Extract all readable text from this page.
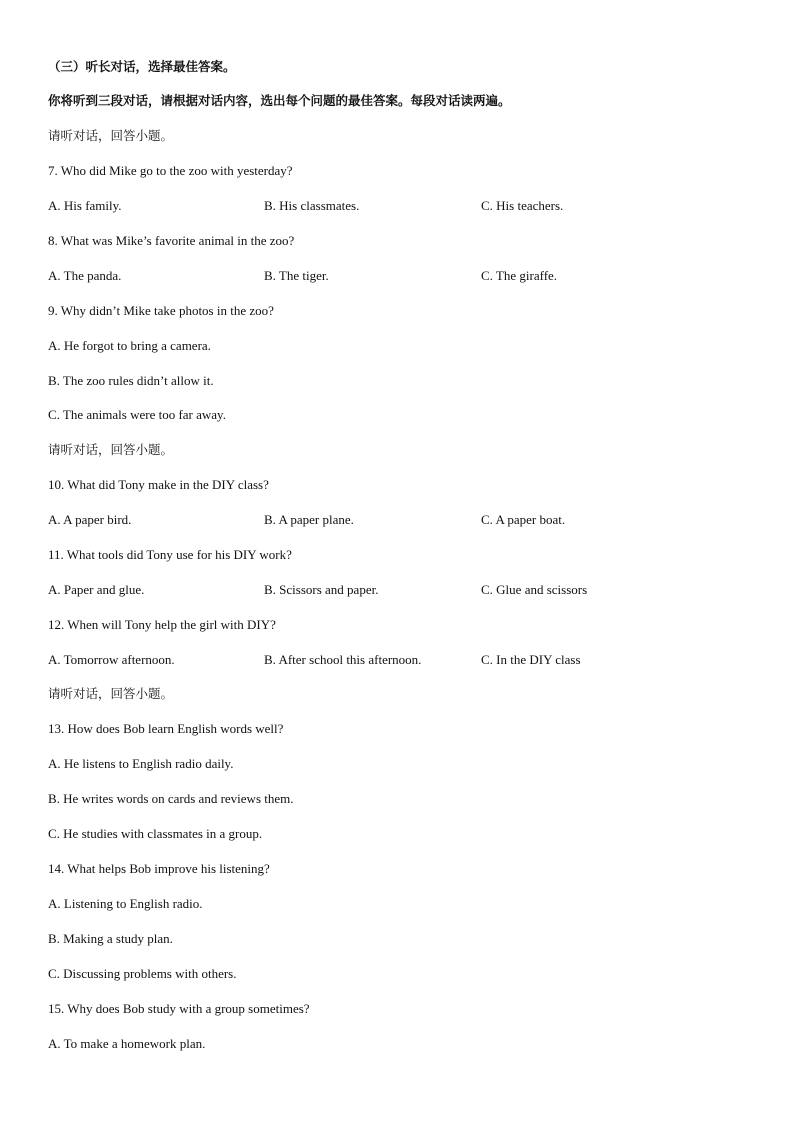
（三）听长对话，选择最佳答案。
你将听到三段对话，请根据对话内容，选出每个问题的最佳答案。每段对话读两遍。
请听对话，回答小题。
7. Who did Mike go to the zoo with yesterday?
A. His family.	B. His classmates.	C. His teachers.
8. What was Mike’s favorite animal in the zoo?
A. The panda.	B. The tiger.	C. The giraffe.
9. Why didn’t Mike take photos in the zoo?
A. He forgot to bring a camera.
B. The zoo rules didn’t allow it.
C. The animals were too far away.
请听对话，回答小题。
10. What did Tony make in the DIY class?
A. A paper bird.	B. A paper plane.	C. A paper boat.
11. What tools did Tony use for his DIY work?
A. Paper and glue.	B. Scissors and paper.	C. Glue and scissors
12. When will Tony help the girl with DIY?
A. Tomorrow afternoon.	B. After school this afternoon.	C. In the DIY class
请听对话，回答小题。
13. How does Bob learn English words well?
A. He listens to English radio daily.
B. He writes words on cards and reviews them.
C. He studies with classmates in a group.
14. What helps Bob improve his listening?
A. Listening to English radio.
B. Making a study plan.
C. Discussing problems with others.
15. Why does Bob study with a group sometimes?
A. To make a homework plan.
